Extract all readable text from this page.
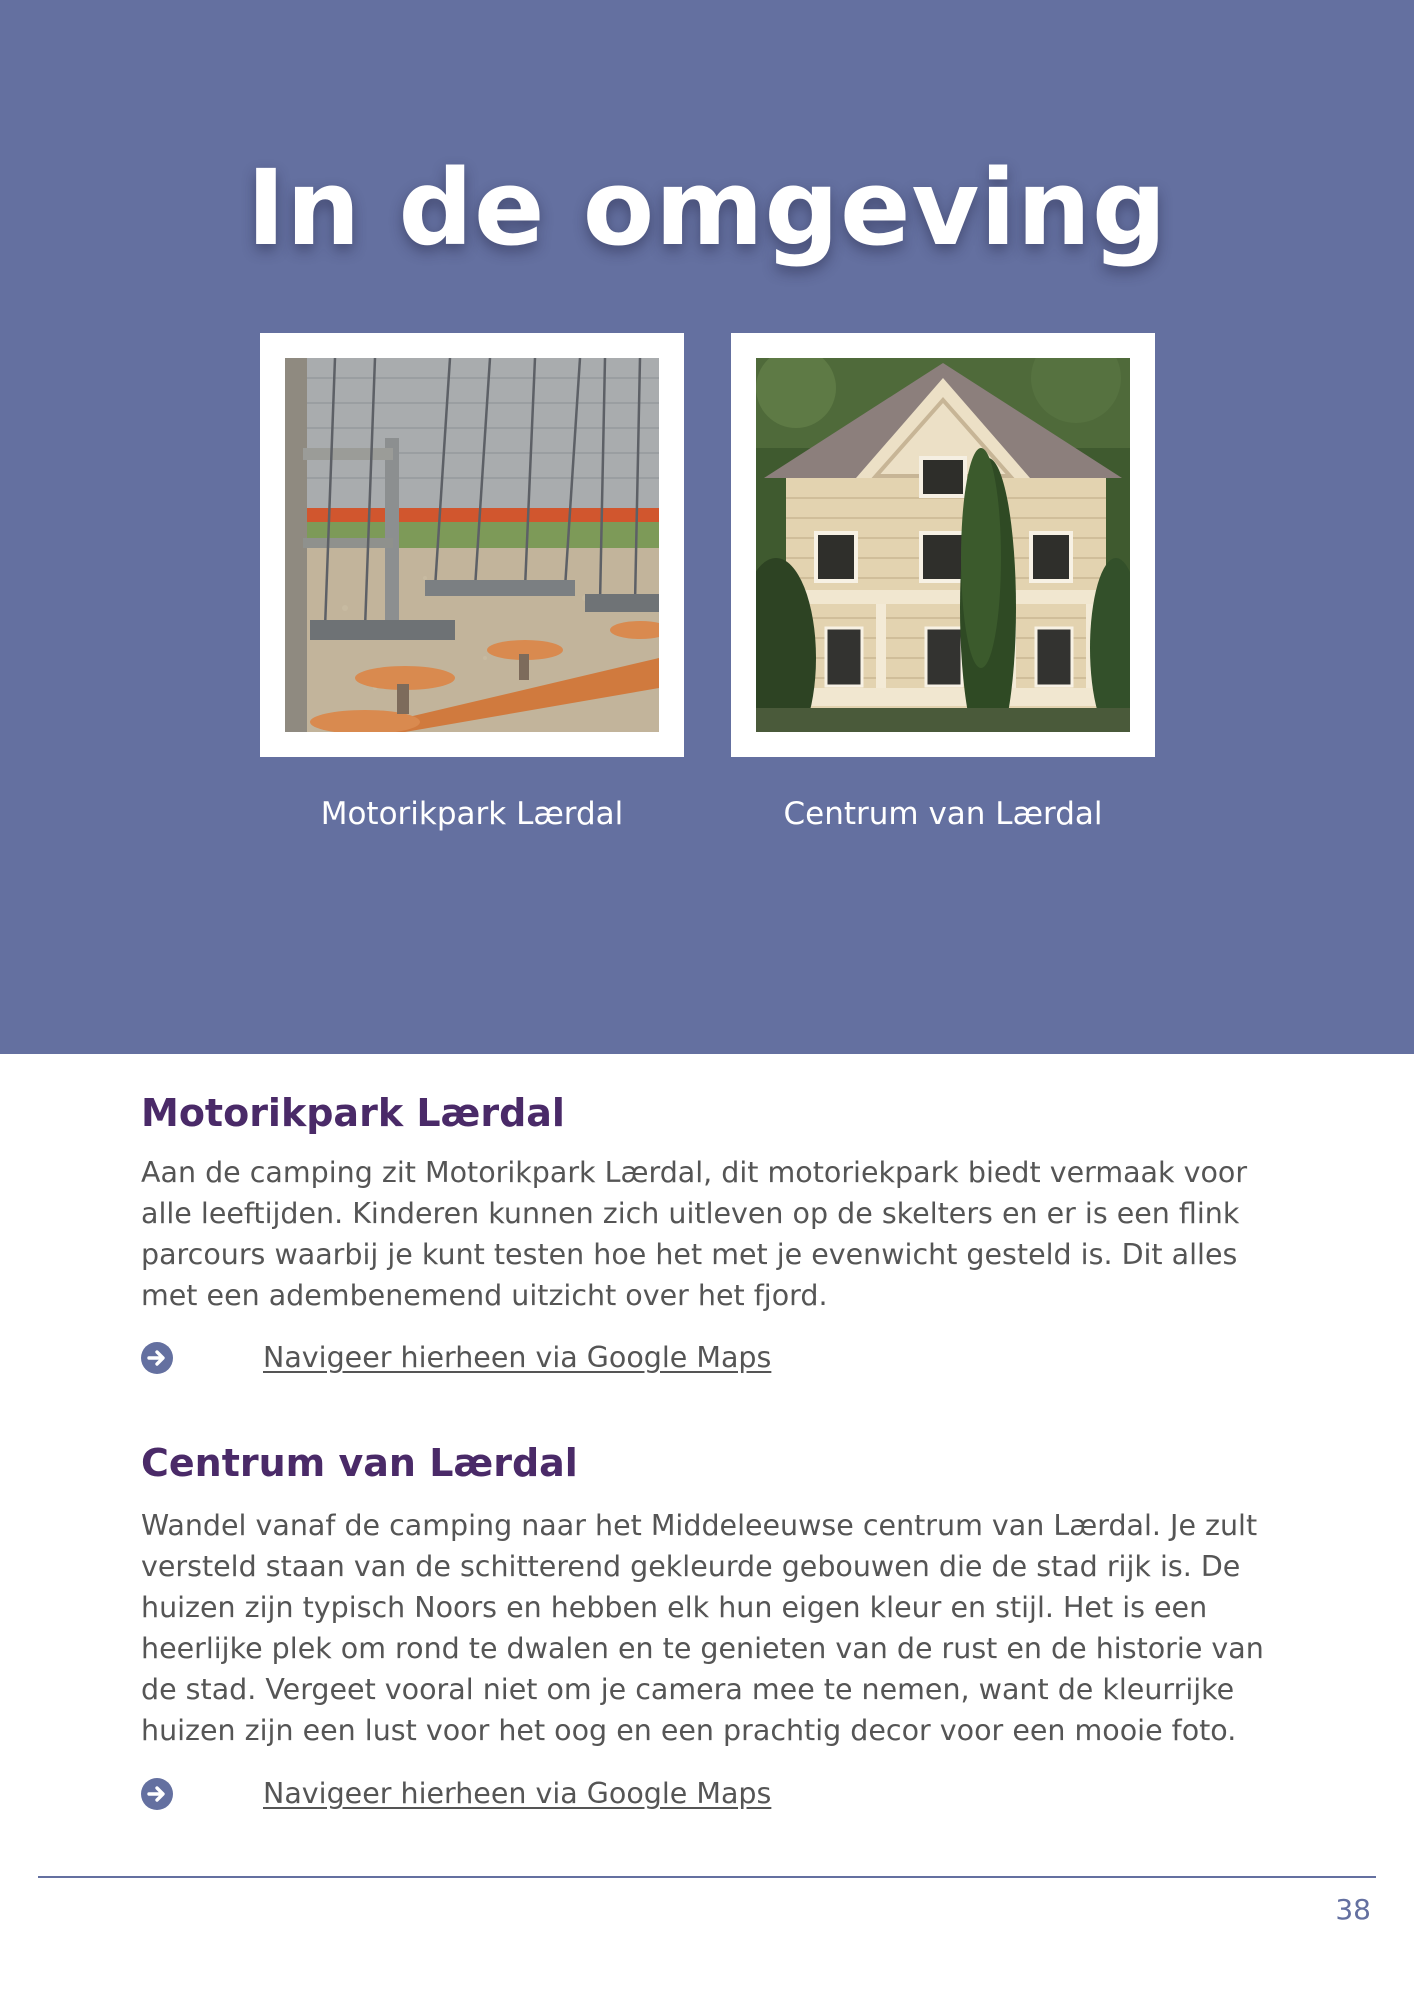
In de omgeving
Motorikpark Lærdal	Centrum van Lærdal
Motorikpark Lærdal

Aan de camping zit Motorikpark Lærdal, dit motoriekpark biedt vermaak voor alle leeftijden. Kinderen kunnen zich uitleven op de skelters en er is een flink parcours waarbij je kunt testen hoe het met je evenwicht gesteld is. Dit alles met een adembenemend uitzicht over het fjord.

Navigeer hierheen via Google Maps
Centrum van Lærdal

Wandel vanaf de camping naar het Middeleeuwse centrum van Lærdal. Je zult versteld staan van de schitterend gekleurde gebouwen die de stad rijk is. De huizen zijn typisch Noors en hebben elk hun eigen kleur en stijl. Het is een heerlijke plek om rond te dwalen en te genieten van de rust en de historie van de stad. Vergeet vooral niet om je camera mee te nemen, want de kleurrijke huizen zijn een lust voor het oog en een prachtig decor voor een mooie foto.

Navigeer hierheen via Google Maps
38
